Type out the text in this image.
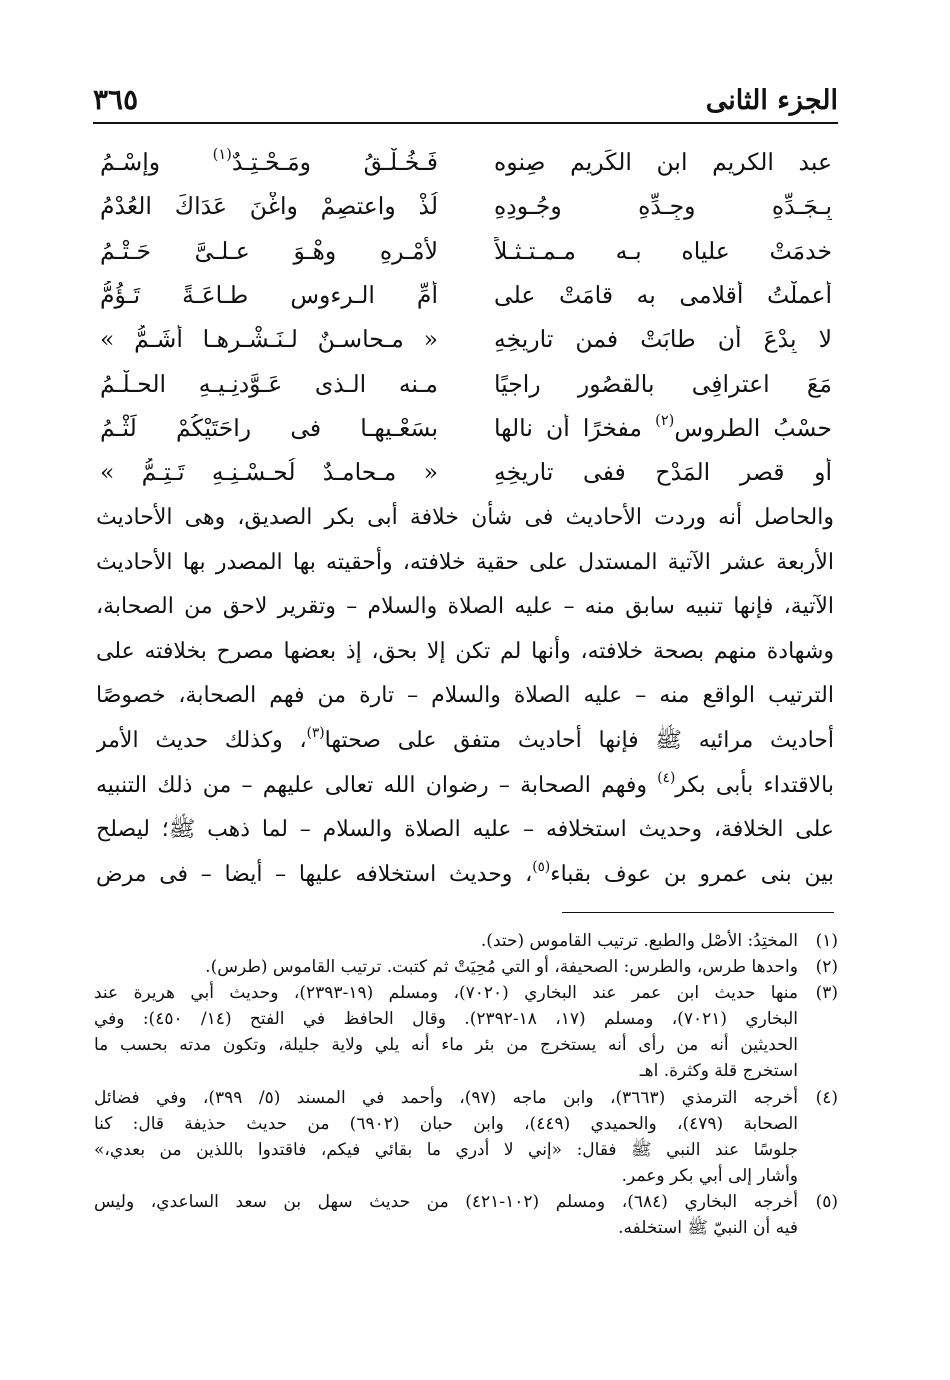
الجزء الثانى
٣٦٥
عبد الكريم ابن الكَريم صِنوه
فَـخُـلْـقُ ومَـحْـتِـدٌ$^{(١)}$ وإسْـمُ
بِـجَـدِّهِ وجِـدِّهِ وجُـودِهِ
لُذْ واعتصِمْ واغْنَ عَدَاكَ العُدْمُ
خدمَتْ علياه بـه مـمـتـثـلاً
لأمْـرِهِ وهْـوَ عـلـىَّ حَـتْـمُ
أعملْتُ أقلامى به قامَتْ على
أُمِّ الـرءوسِ طـاعَـةً تَـؤُمُّ
لا بِدْعَ أن طابَتْ فمن تاريخِهِ
« مـحاسـنٌ لـنَـشْـرِهـا أشَـمُّ »
مَعَ اعترافِى بالقصُورِ راجيًا
مـنه الـذى عَـوَّدنِـيـهِ الحـلْـمُ
حسْبُ الطروسِ$^{(٢)}$ مفخرًا أن نالها
بسَعْـيهـا فى راحَتَيْكُمْ لَثْـمُ
أو قصر المَدْحِ ففى تاريخِهِ
« مـحامـدٌ لُحـسْـنِـهِ تَـتِـمُّ »
والحاصل أنه وردت الأحاديث فى شأن خلافة أبى بكر الصديق، وهى الأحاديث
الأربعة عشر الآتية المستدل على حقية خلافته، وأحقيته بها المصدر بها الأحاديث
الآتية، فإنها تنبيه سابق منه – عليه الصلاة والسلام – وتقرير لاحق من الصحابة،
وشهادة منهم بصحة خلافته، وأنها لم تكن إلا بحق، إذ بعضها مصرح بخلافته على
الترتيب الواقع منه – عليه الصلاة والسلام – تارة من فهم الصحابة، خصوصًا
أحاديث مرائيه ﷺ فإنها أحاديث متفق على صحتها$^{(٣)}$، وكذلك حديث الأمر
بالاقتداء بأبى بكر$^{(٤)}$ وفهم الصحابة – رضوان الله تعالى عليهم – من ذلك التنبيه
على الخلافة، وحديث استخلافه – عليه الصلاة والسلام – لما ذهب ﷺ؛ ليصلح
بين بنى عمرو بن عوف بقباء$^{(٥)}$، وحديث استخلافه عليها – أيضا – فى مرض
(١)
المختِدُ: الأصْل والطبع. ترتيب القاموس (حتد).
(٢)
واحدها طرس، والطرس: الصحيفة، أو التي مُحِيَتْ ثم كتبت. ترتيب القاموس (طرس).
(٣)
منها حديث ابن عمر عند البخاري (٧٠٢٠)، ومسلم (١٩-٢٣٩٣)، وحديث أبي هريرة عند
البخاري (٧٠٢١)، ومسلم (١٧، ١٨-٢٣٩٢). وقال الحافظ في الفتح (١٤/ ٤٥٠): وفي
الحديثين أنه من رأى أنه يستخرج من بئر ماء أنه يلي ولاية جليلة، وتكون مدته بحسب ما
استخرج قلة وكثرة. اهـ
(٤)
أخرجه الترمذي (٣٦٦٣)، وابن ماجه (٩٧)، وأحمد في المسند (٥/ ٣٩٩)، وفي فضائل
الصحابة (٤٧٩)، والحميدي (٤٤٩)، وابن حبان (٦٩٠٢) من حديث حذيفة قال: كنا
جلوسًا عند النبي ﷺ فقال: «إني لا أدري ما بقائي فيكم، فاقتدوا باللذين من بعدي،»
وأشار إلى أبي بكر وعمر.
(٥)
أخرجه البخاري (٦٨٤)، ومسلم (١٠٢-٤٢١) من حديث سهل بن سعد الساعدي، وليس
فيه أن النبيّ ﷺ استخلفه.
